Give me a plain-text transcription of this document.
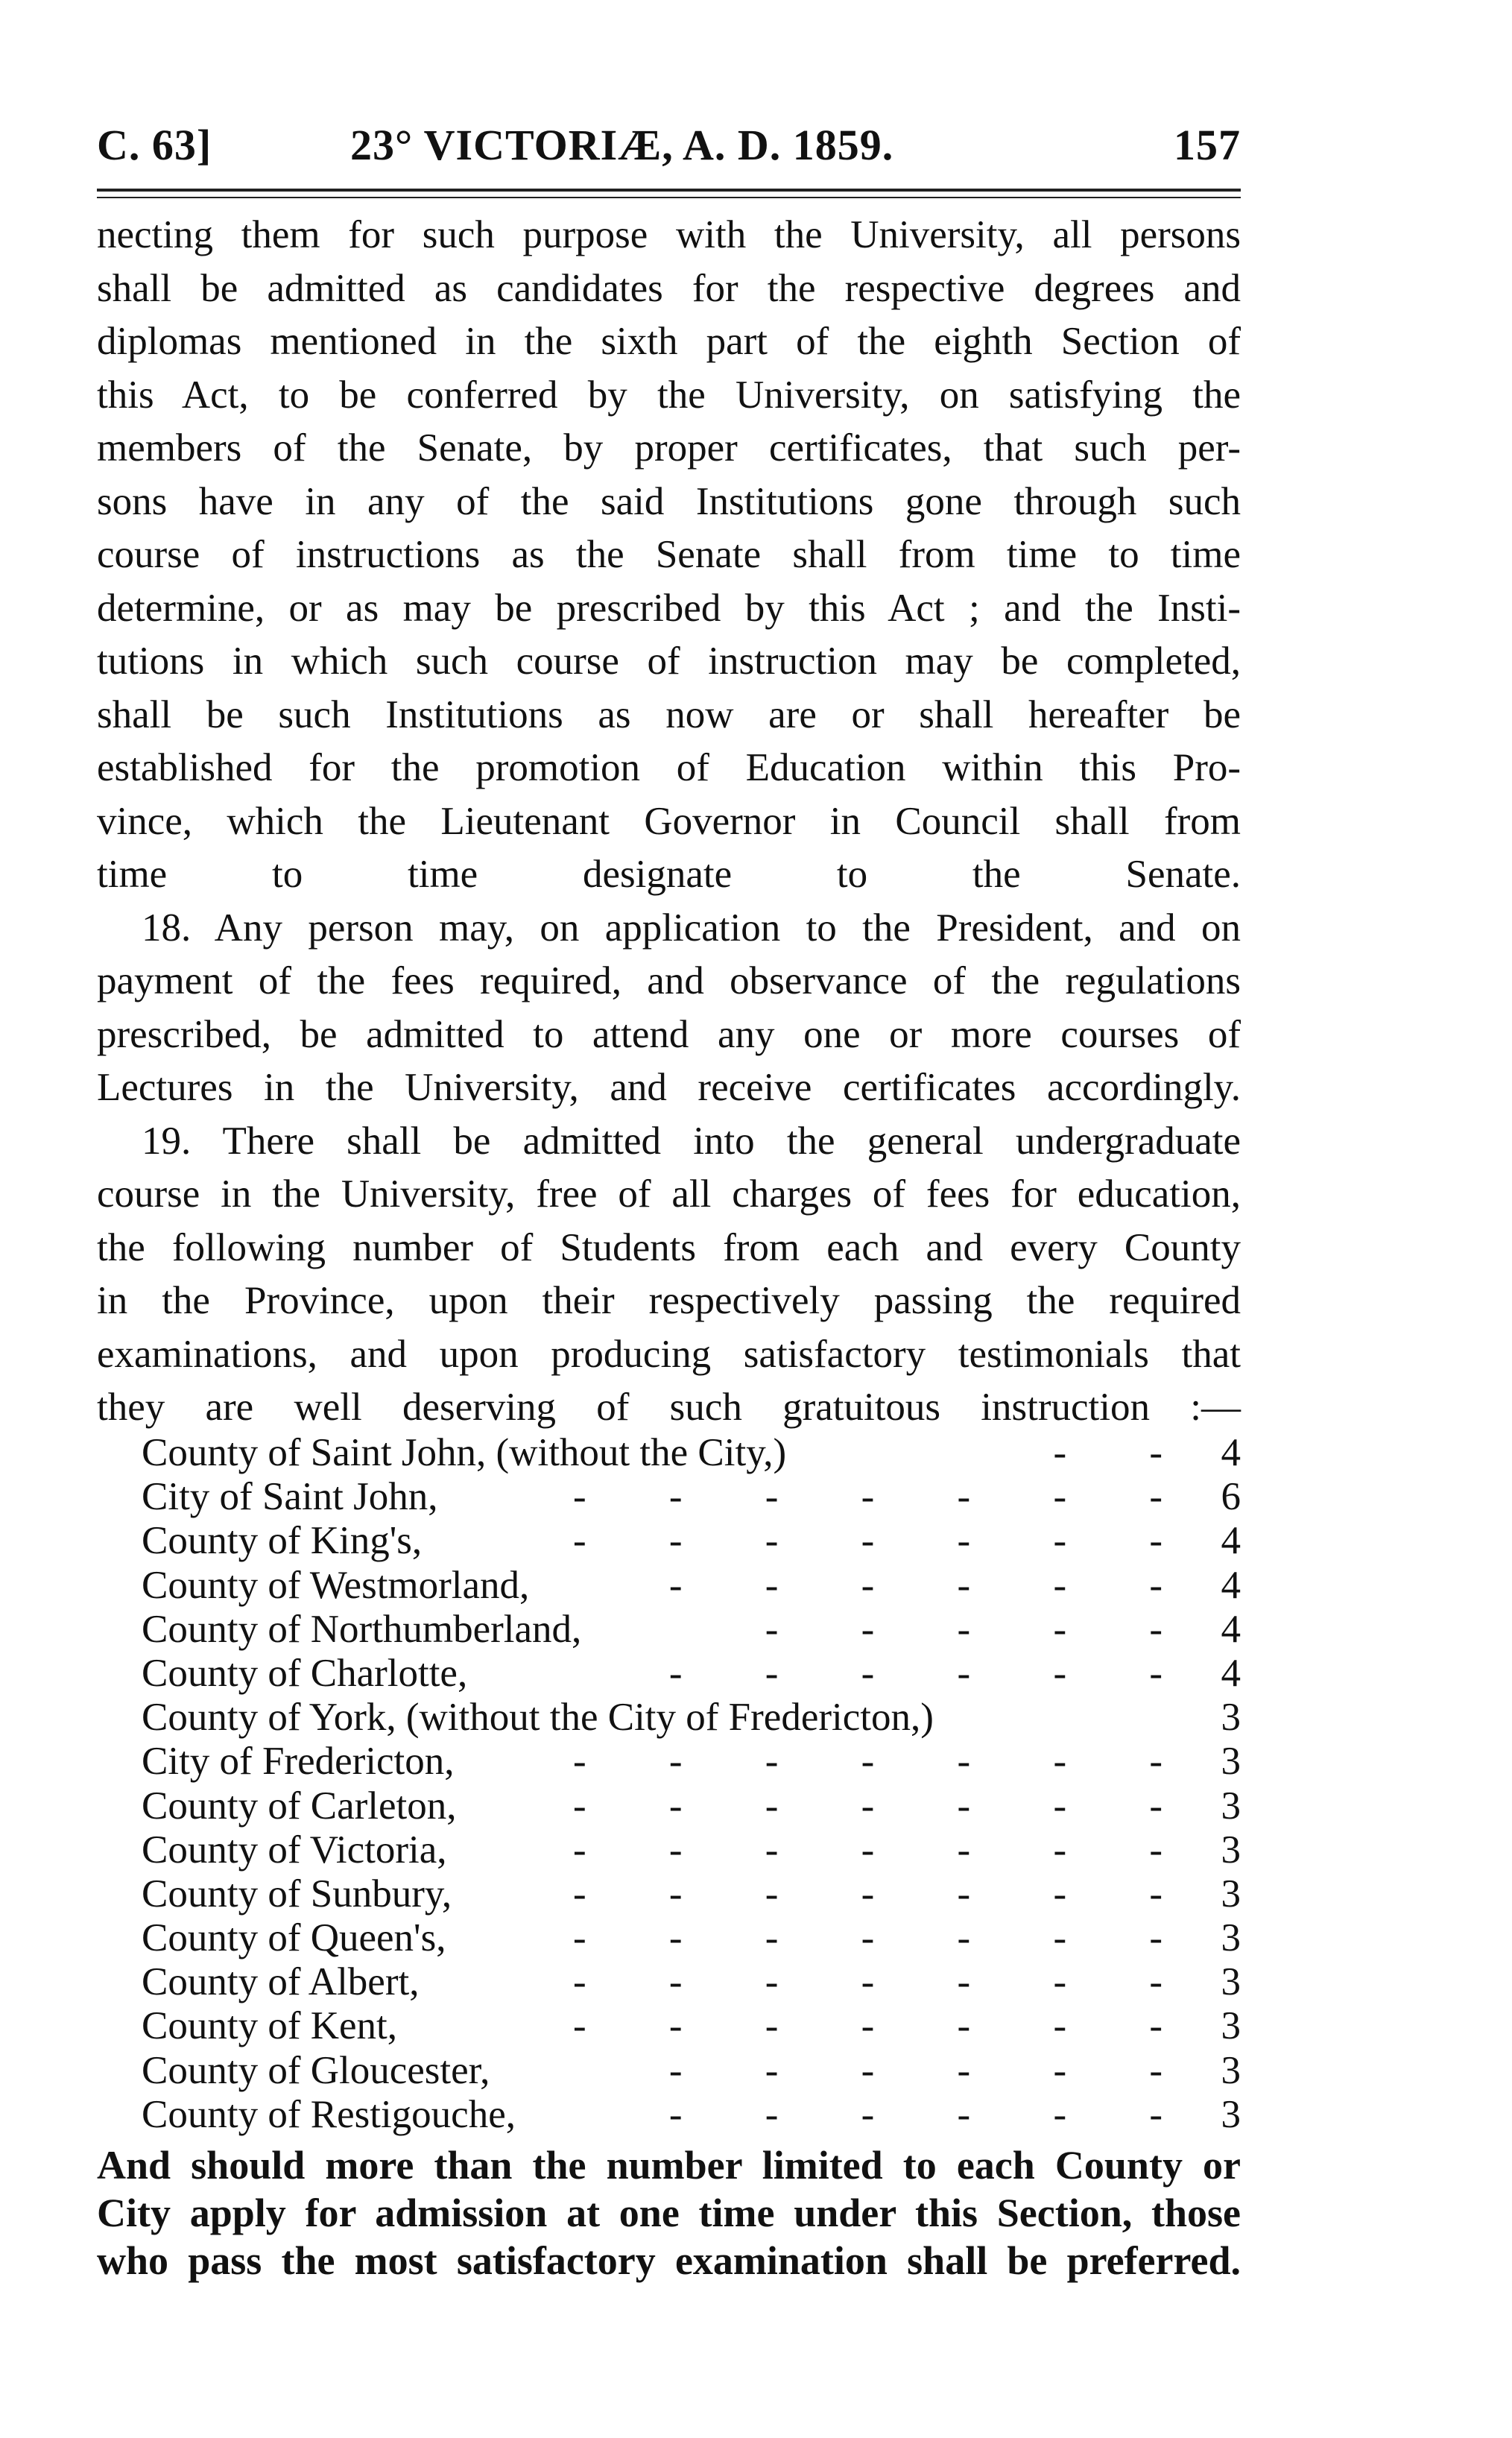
C. 63]	23° VICTORIÆ, A. D. 1859.	157
necting them for such purpose with the University, all persons
shall be admitted as candidates for the respective degrees and
diplomas mentioned in the sixth part of the eighth Section of
this Act, to be conferred by the University, on satisfying the
members of the Senate, by proper certificates, that such per-
sons have in any of the said Institutions gone through such
course of instructions as the Senate shall from time to time
determine, or as may be prescribed by this Act ; and the Insti-
tutions in which such course of instruction may be completed,
shall be such Institutions as now are or shall hereafter be
established for the promotion of Education within this Pro-
vince, which the Lieutenant Governor in Council shall from
time to time designate to the Senate.
18. Any person may, on application to the President, and on
payment of the fees required, and observance of the regulations
prescribed, be admitted to attend any one or more courses of
Lectures in the University, and receive certificates accordingly.
19. There shall be admitted into the general undergraduate
course in the University, free of all charges of fees for education,
the following number of Students from each and every County
in the Province, upon their respectively passing the required
examinations, and upon producing satisfactory testimonials that
they are well deserving of such gratuitous instruction :—
County of Saint John, (without the City,)	- - 4
City of Saint John,	- - - - - - - 6
County of King's,	- - - - - - - 4
County of Westmorland,	- - - - - - 4
County of Northumberland,	- - - - - 4
County of Charlotte,	- - - - - - 4
County of York, (without the City of Fredericton,)	3
City of Fredericton,	- - - - - - - 3
County of Carleton,	- - - - - - - 3
County of Victoria,	- - - - - - - 3
County of Sunbury,	- - - - - - - 3
County of Queen's,	- - - - - - - 3
County of Albert,	- - - - - - - 3
County of Kent,	- - - - - - - 3
County of Gloucester,	- - - - - - 3
County of Restigouche,	- - - - - - 3
And should more than the number limited to each County or
City apply for admission at one time under this Section, those
who pass the most satisfactory examination shall be preferred.
